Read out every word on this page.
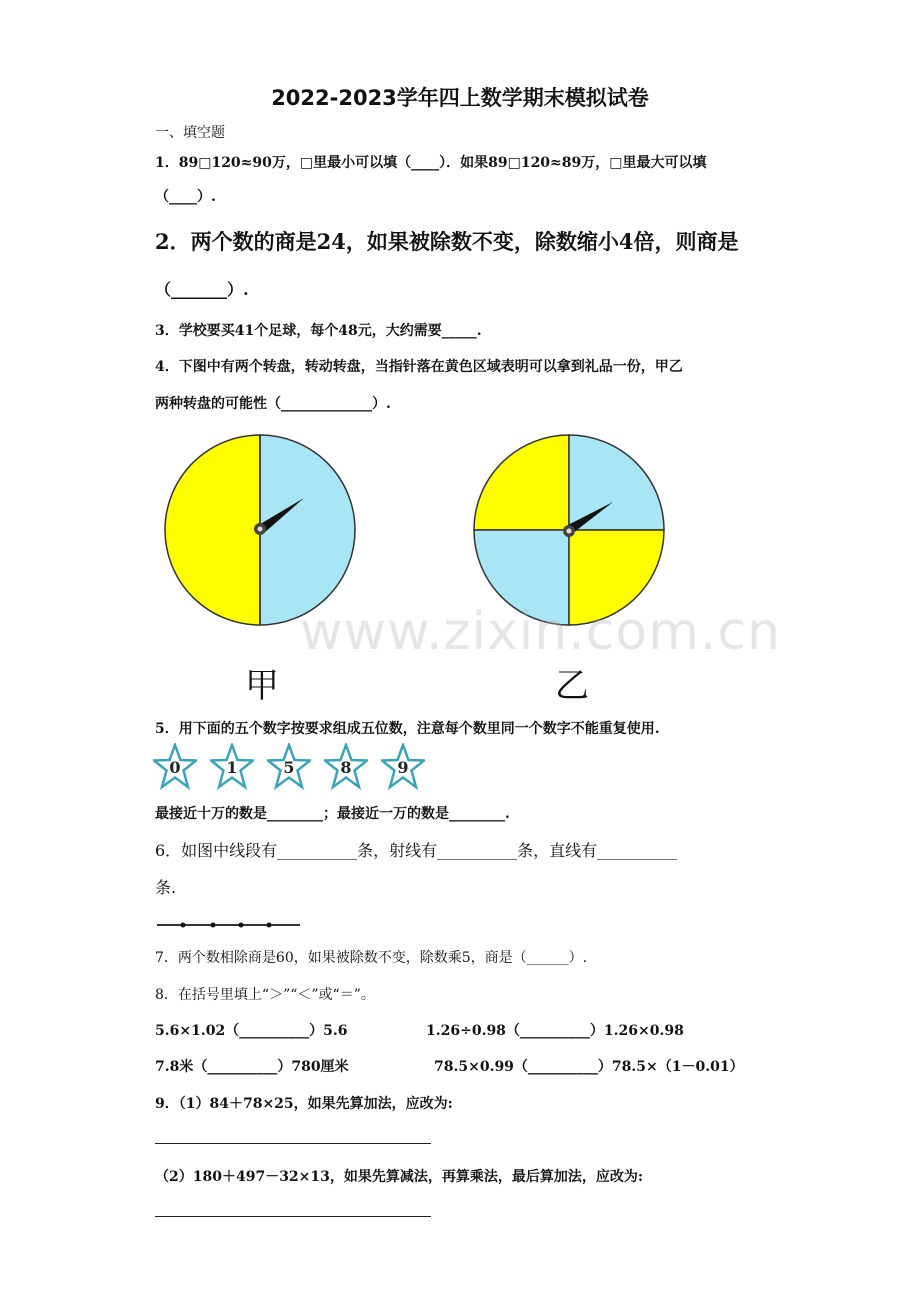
2022-2023学年四上数学期末模拟试卷
一、填空题
1．89□120≈90万，□里最小可以填（____）．如果89□120≈89万，□里最大可以填
（____）.
2．两个数的商是24，如果被除数不变，除数缩小4倍，则商是
（_______）.
3．学校要买41个足球，每个48元，大约需要_____.
4．下图中有两个转盘，转动转盘，当指针落在黄色区域表明可以拿到礼品一份，甲乙
两种转盘的可能性（_____________）.
www.zixin.com.cn
甲	乙
5．用下面的五个数字按要求组成五位数，注意每个数里同一个数字不能重复使用.
0	1	5	8	9
最接近十万的数是________；最接近一万的数是________.
6．如图中线段有__________条，射线有__________条，直线有__________
条.
7．两个数相除商是60，如果被除数不变，除数乘5，商是（______）.
8．在括号里填上“＞”“＜”或“＝”。
5.6×1.02（__________）5.6	1.26÷0.98（__________）1.26×0.98
7.8米（__________）780厘米	78.5×0.99（__________）78.5×（1－0.01）
9．（1）84＋78×25，如果先算加法，应改为:
（2）180＋497－32×13，如果先算减法，再算乘法，最后算加法，应改为:
